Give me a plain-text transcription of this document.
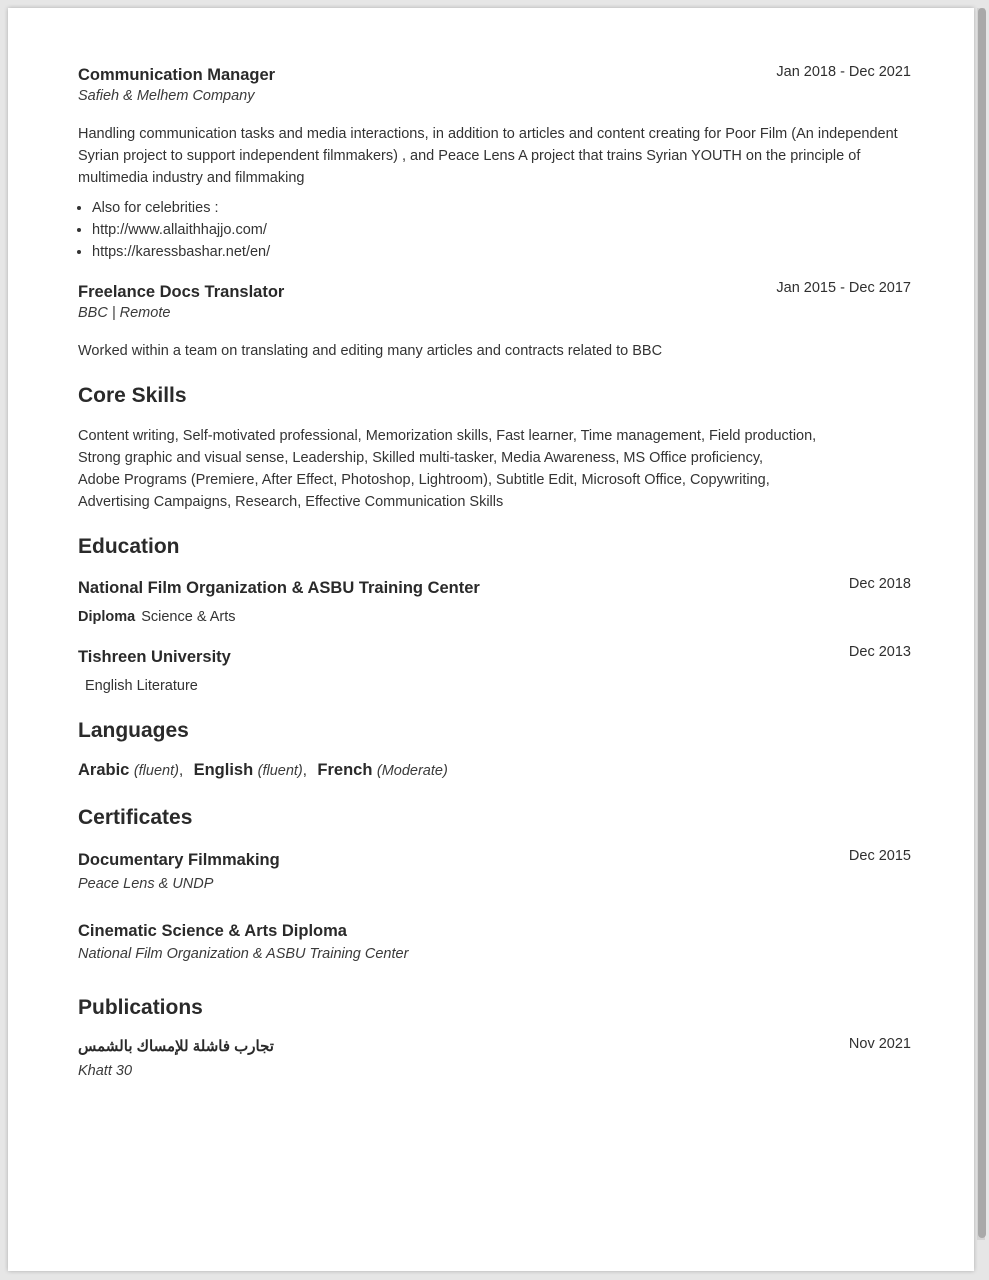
Communication Manager	Jan 2018 - Dec 2021
Safieh & Melhem Company
Handling communication tasks and media interactions, in addition to articles and content creating for Poor Film (An independent Syrian project to support independent filmmakers) , and Peace Lens A project that trains Syrian YOUTH on the principle of multimedia industry and filmmaking
• Also for celebrities :
• http://www.allaithhajjo.com/
• https://karessbashar.net/en/
Freelance Docs Translator	Jan 2015 - Dec 2017
BBC | Remote
Worked within a team on translating and editing many articles and contracts related to BBC
Core Skills
Content writing, Self-motivated professional, Memorization skills, Fast learner, Time management, Field production,
Strong graphic and visual sense, Leadership, Skilled multi-tasker, Media Awareness, MS Office proficiency,
Adobe Programs (Premiere, After Effect, Photoshop, Lightroom), Subtitle Edit, Microsoft Office, Copywriting,
Advertising Campaigns, Research, Effective Communication Skills
Education
National Film Organization & ASBU Training Center	Dec 2018
Diploma Science & Arts
Tishreen University	Dec 2013
English Literature
Languages
Arabic (fluent), English (fluent), French (Moderate)
Certificates
Documentary Filmmaking	Dec 2015
Peace Lens & UNDP
Cinematic Science & Arts Diploma
National Film Organization & ASBU Training Center
Publications
تجارب فاشلة للإمساك بالشمس	Nov 2021
Khatt 30
